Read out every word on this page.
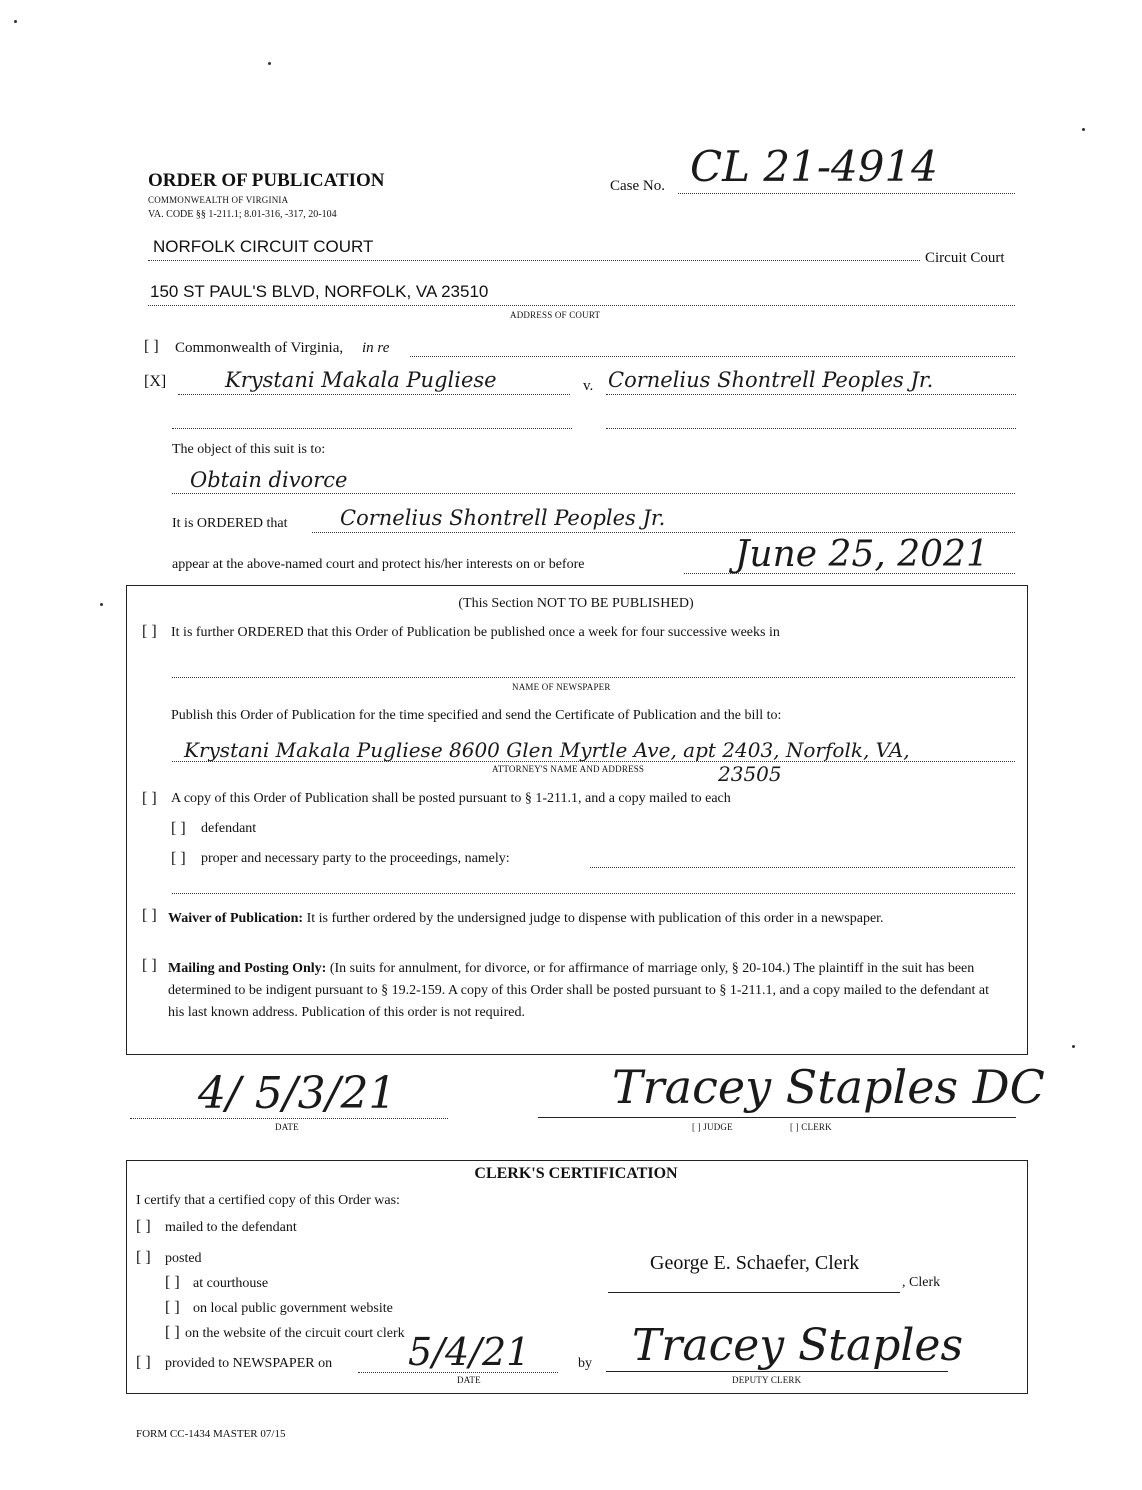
ORDER OF PUBLICATION
COMMONWEALTH OF VIRGINIA
VA. CODE §§ 1-211.1; 8.01-316, -317, 20-104
Case No. CL 21-4914
NORFOLK CIRCUIT COURT
Circuit Court
150 ST PAUL'S BLVD, NORFOLK, VA 23510
ADDRESS OF COURT
[ ] Commonwealth of Virginia, in re
[X]	Krystani Makala Pugliese	v. Cornelius Shontrell Peoples Jr.
The object of this suit is to:
Obtain divorce
It is ORDERED that	Cornelius Shontrell Peoples Jr.
appear at the above-named court and protect his/her interests on or before	June 25, 2021
(This Section NOT TO BE PUBLISHED)
[ ] It is further ORDERED that this Order of Publication be published once a week for four successive weeks in
NAME OF NEWSPAPER
Publish this Order of Publication for the time specified and send the Certificate of Publication and the bill to:
Krystani Makala Pugliese 8600 Glen Myrtle Ave, apt 2403, Norfolk, VA,
ATTORNEY'S NAME AND ADDRESS	23505
[ ] A copy of this Order of Publication shall be posted pursuant to § 1-211.1, and a copy mailed to each
[ ] defendant
[ ] proper and necessary party to the proceedings, namely:
[ ] Waiver of Publication: It is further ordered by the undersigned judge to dispense with publication of this order in a newspaper.
[ ] Mailing and Posting Only: (In suits for annulment, for divorce, or for affirmance of marriage only, § 20-104.) The plaintiff in the suit has been determined to be indigent pursuant to § 19.2-159. A copy of this Order shall be posted pursuant to § 1-211.1, and a copy mailed to the defendant at his last known address. Publication of this order is not required.
4/ 5/3/21
DATE
Tracey Staples DC
[ ] JUDGE	[ ] CLERK
CLERK'S CERTIFICATION
I certify that a certified copy of this Order was:
[ ] mailed to the defendant
[ ] posted
[ ] at courthouse
[ ] on local public government website
[ ] on the website of the circuit court clerk
[ ] provided to NEWSPAPER on 5/4/21
DATE
by
George E. Schaefer, Clerk
, Clerk
Tracey Staples
DEPUTY CLERK
FORM CC-1434 MASTER 07/15
